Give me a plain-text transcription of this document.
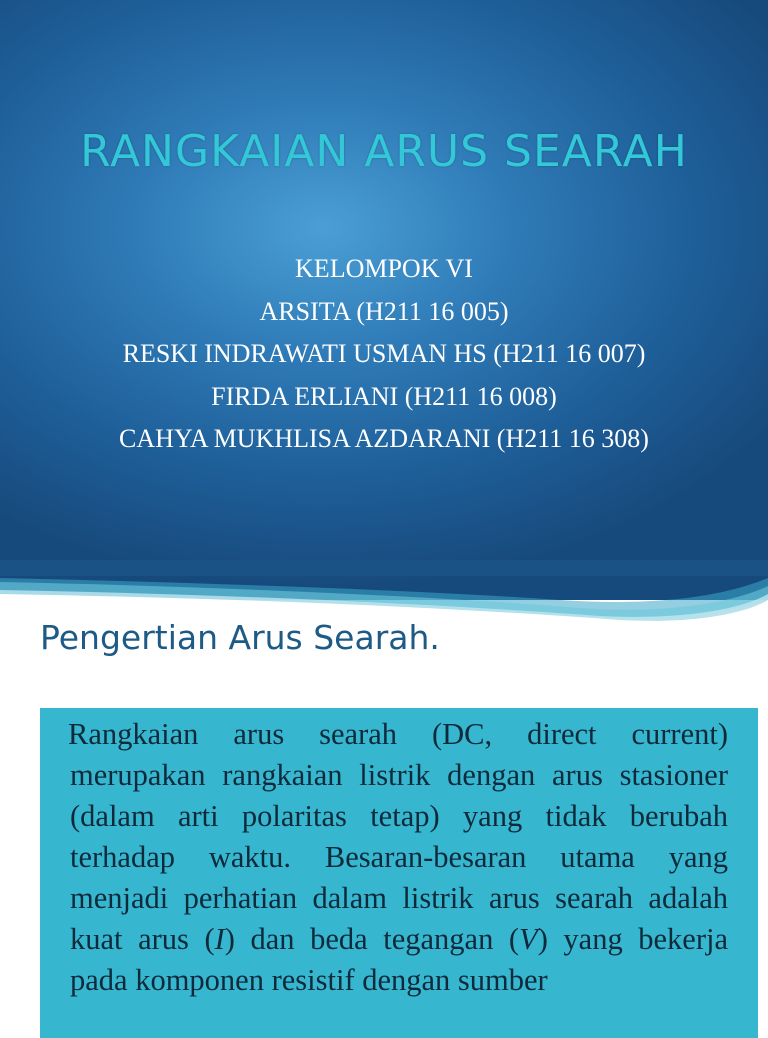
RANGKAIAN ARUS SEARAH
KELOMPOK VI
ARSITA (H211 16 005)
RESKI INDRAWATI USMAN HS (H211 16 007)
FIRDA ERLIANI (H211 16 008)
CAHYA MUKHLISA AZDARANI (H211 16 308)
Pengertian Arus Searah.
Rangkaian arus searah (DC, direct current) merupakan rangkaian listrik dengan arus stasioner (dalam arti polaritas tetap) yang tidak berubah terhadap waktu. Besaran-besaran utama yang menjadi perhatian dalam listrik arus searah adalah kuat arus (I) dan beda tegangan (V) yang bekerja pada komponen resistif dengan sumber
